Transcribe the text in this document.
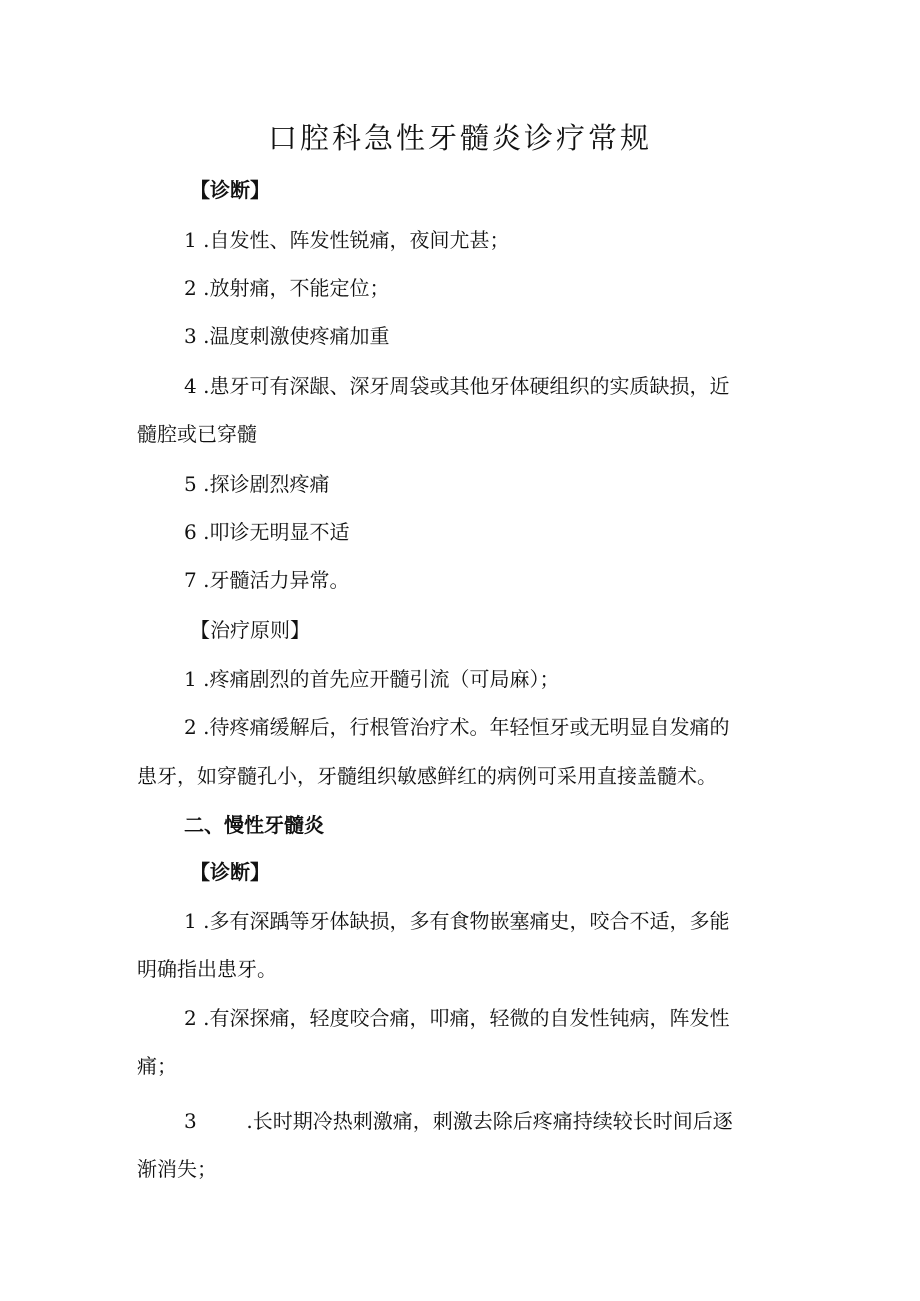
口腔科急性牙髓炎诊疗常规
【诊断】
1 .自发性、阵发性锐痛，夜间尤甚；
2 .放射痛，不能定位；
3 .温度刺激使疼痛加重
4 .患牙可有深龈、深牙周袋或其他牙体硬组织的实质缺损，近
髓腔或已穿髓
5 .探诊剧烈疼痛
6 .叩诊无明显不适
7 .牙髓活力异常。
【治疗原则】
1 .疼痛剧烈的首先应开髓引流（可局麻）；
2 .待疼痛缓解后，行根管治疗术。年轻恒牙或无明显自发痛的
患牙，如穿髓孔小，牙髓组织敏感鲜红的病例可采用直接盖髓术。
二、慢性牙髓炎
【诊断】
1 .多有深踽等牙体缺损，多有食物嵌塞痛史，咬合不适，多能
明确指出患牙。
2 .有深探痛，轻度咬合痛，叩痛，轻微的自发性钝病，阵发性
痛；
3 .长时期冷热刺激痛，刺激去除后疼痛持续较长时间后逐
渐消失；
